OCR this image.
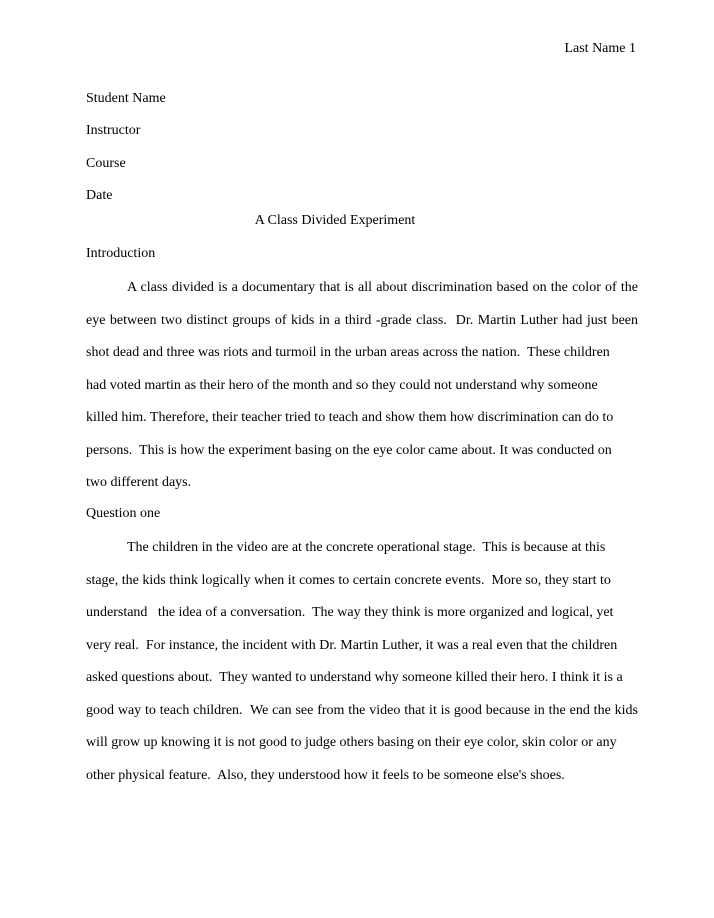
Last Name 1
Student Name
Instructor
Course
Date
A Class Divided Experiment
Introduction
A class divided is a documentary that is all about discrimination based on the color of the
eye between two distinct groups of kids in a third -grade class.  Dr. Martin Luther had just been
shot dead and three was riots and turmoil in the urban areas across the nation.  These children
had voted martin as their hero of the month and so they could not understand why someone
killed him. Therefore, their teacher tried to teach and show them how discrimination can do to
persons.  This is how the experiment basing on the eye color came about. It was conducted on
two different days.
Question one
The children in the video are at the concrete operational stage.  This is because at this
stage, the kids think logically when it comes to certain concrete events.  More so, they start to
understand   the idea of a conversation.  The way they think is more organized and logical, yet
very real.  For instance, the incident with Dr. Martin Luther, it was a real even that the children
asked questions about.  They wanted to understand why someone killed their hero. I think it is a
good way to teach children.  We can see from the video that it is good because in the end the kids
will grow up knowing it is not good to judge others basing on their eye color, skin color or any
other physical feature.  Also, they understood how it feels to be someone else's shoes.
